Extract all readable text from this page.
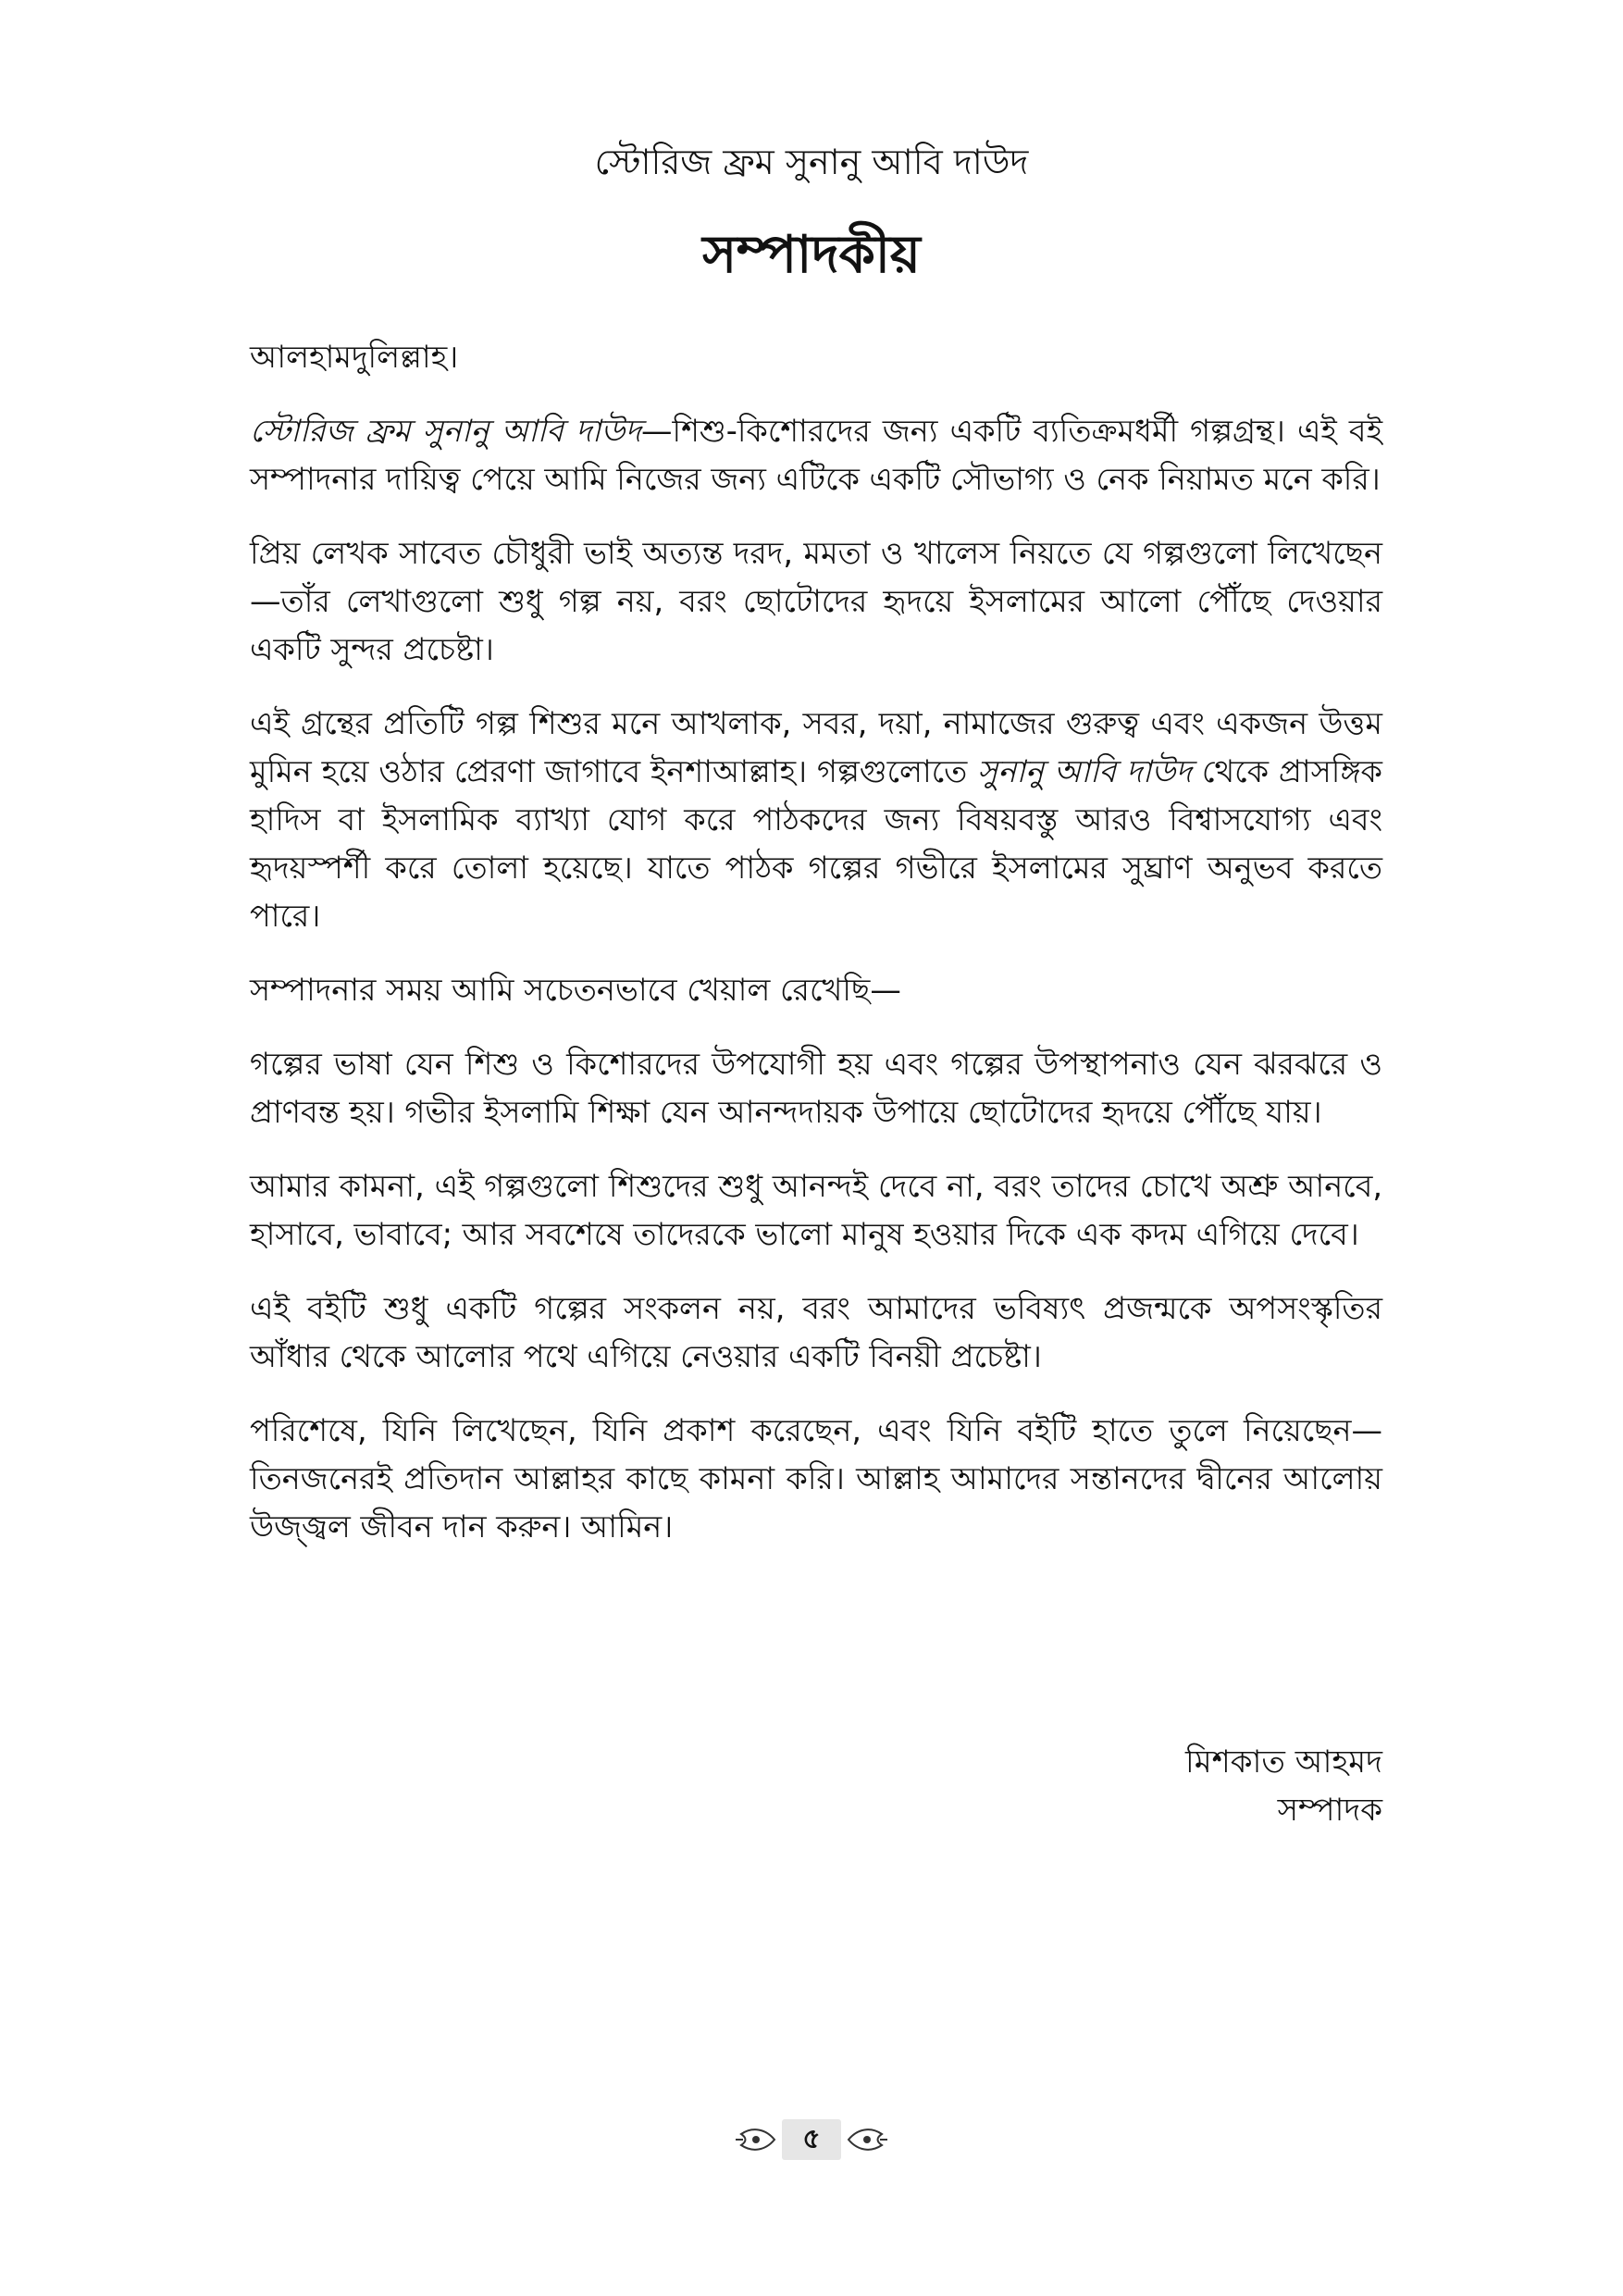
স্টোরিজ ফ্রম সুনানু আবি দাউদ
সম্পাদকীয়

আলহামদুলিল্লাহ।

স্টোরিজ ফ্রম সুনানু আবি দাউদ—শিশু-কিশোরদের জন্য একটি ব্যতিক্রমধর্মী গল্পগ্রন্থ। এই বই সম্পাদনার দায়িত্ব পেয়ে আমি নিজের জন্য এটিকে একটি সৌভাগ্য ও নেক নিয়ামত মনে করি।

প্রিয় লেখক সাবেত চৌধুরী ভাই অত্যন্ত দরদ, মমতা ও খালেস নিয়তে যে গল্পগুলো লিখেছেন—তাঁর লেখাগুলো শুধু গল্প নয়, বরং ছোটোদের হৃদয়ে ইসলামের আলো পৌঁছে দেওয়ার একটি সুন্দর প্রচেষ্টা।

এই গ্রন্থের প্রতিটি গল্প শিশুর মনে আখলাক, সবর, দয়া, নামাজের গুরুত্ব এবং একজন উত্তম মুমিন হয়ে ওঠার প্রেরণা জাগাবে ইনশাআল্লাহ। গল্পগুলোতে সুনানু আবি দাউদ থেকে প্রাসঙ্গিক হাদিস বা ইসলামিক ব্যাখ্যা যোগ করে পাঠকদের জন্য বিষয়বস্তু আরও বিশ্বাসযোগ্য এবং হৃদয়স্পর্শী করে তোলা হয়েছে। যাতে পাঠক গল্পের গভীরে ইসলামের সুঘ্রাণ অনুভব করতে পারে।

সম্পাদনার সময় আমি সচেতনভাবে খেয়াল রেখেছি—

গল্পের ভাষা যেন শিশু ও কিশোরদের উপযোগী হয় এবং গল্পের উপস্থাপনাও যেন ঝরঝরে ও প্রাণবন্ত হয়। গভীর ইসলামি শিক্ষা যেন আনন্দদায়ক উপায়ে ছোটোদের হৃদয়ে পৌঁছে যায়।

আমার কামনা, এই গল্পগুলো শিশুদের শুধু আনন্দই দেবে না, বরং তাদের চোখে অশ্রু আনবে, হাসাবে, ভাবাবে; আর সবশেষে তাদেরকে ভালো মানুষ হওয়ার দিকে এক কদম এগিয়ে দেবে।

এই বইটি শুধু একটি গল্পের সংকলন নয়, বরং আমাদের ভবিষ্যৎ প্রজন্মকে অপসংস্কৃতির আঁধার থেকে আলোর পথে এগিয়ে নেওয়ার একটি বিনয়ী প্রচেষ্টা।

পরিশেষে, যিনি লিখেছেন, যিনি প্রকাশ করেছেন, এবং যিনি বইটি হাতে তুলে নিয়েছেন—তিনজনেরই প্রতিদান আল্লাহর কাছে কামনা করি। আল্লাহ আমাদের সন্তানদের দ্বীনের আলোয় উজ্জ্বল জীবন দান করুন। আমিন।

মিশকাত আহমদ
সম্পাদক
৫
